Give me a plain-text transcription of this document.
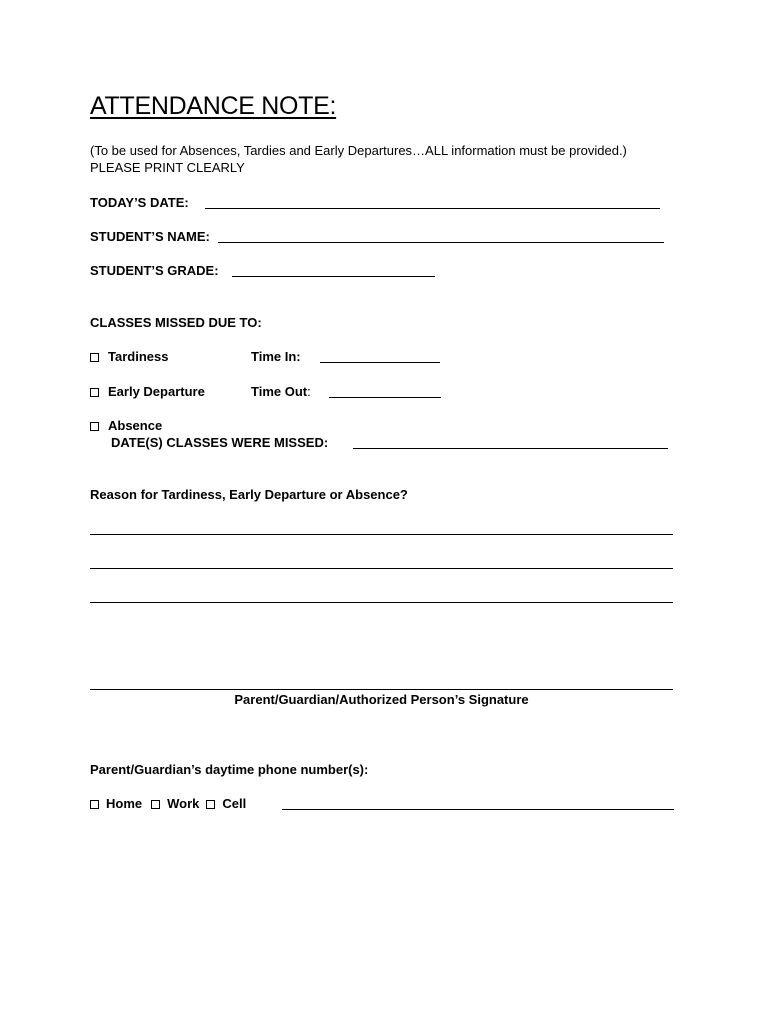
ATTENDANCE NOTE:
(To be used for Absences, Tardies and Early Departures…ALL information must be provided.)
PLEASE PRINT CLEARLY
TODAY’S DATE:
STUDENT’S NAME:
STUDENT’S GRADE:
CLASSES MISSED DUE TO:
Tardiness	Time In:
Early Departure	Time Out:
Absence
DATE(S) CLASSES WERE MISSED:
Reason for Tardiness, Early Departure or Absence?
Parent/Guardian/Authorized Person’s Signature
Parent/Guardian’s daytime phone number(s):
Home Work Cell
